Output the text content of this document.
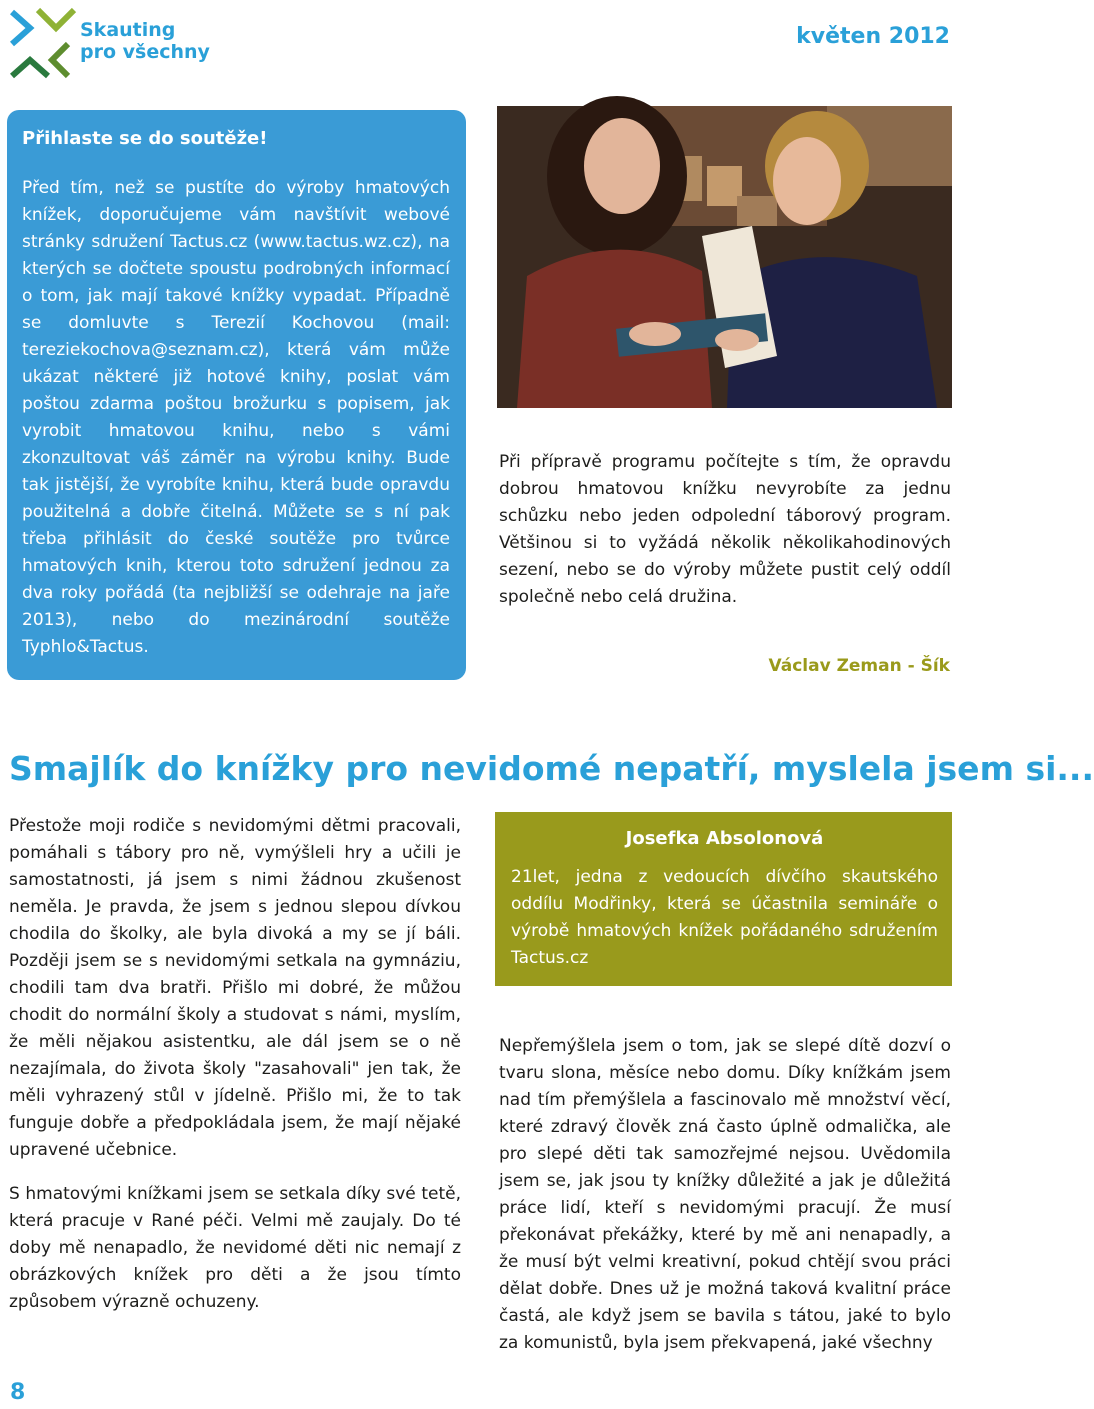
Skauting
pro všechny
květen 2012
Přihlaste se do soutěže!

Před tím, než se pustíte do výroby hmatových knížek, doporučujeme vám navštívit webové stránky sdružení Tactus.cz (www.tactus.wz.cz), na kterých se dočtete spoustu podrobných informací o tom, jak mají takové knížky vypadat. Případně se domluvte s Terezií Kochovou (mail: tereziekochova@seznam.cz), která vám může ukázat některé již hotové knihy, poslat vám poštou zdarma poštou brožurku s popisem, jak vyrobit hmatovou knihu, nebo s vámi zkonzultovat váš záměr na výrobu knihy. Bude tak jistější, že vyrobíte knihu, která bude opravdu použitelná a dobře čitelná. Můžete se s ní pak třeba přihlásit do české soutěže pro tvůrce hmatových knih, kterou toto sdružení jednou za dva roky pořádá (ta nejbližší se odehraje na jaře 2013), nebo do mezinárodní soutěže Typhlo&Tactus.

Při přípravě programu počítejte s tím, že opravdu dobrou hmatovou knížku nevyrobíte za jednu schůzku nebo jeden odpolední táborový program. Většinou si to vyžádá několik několikahodinových sezení, nebo se do výroby můžete pustit celý oddíl společně nebo celá družina.

Václav Zeman - Šík
Smajlík do knížky pro nevidomé nepatří, myslela jsem si...

Přestože moji rodiče s nevidomými dětmi pracovali, pomáhali s tábory pro ně, vymýšleli hry a učili je samostatnosti, já jsem s nimi žádnou zkušenost neměla. Je pravda, že jsem s jednou slepou dívkou chodila do školky, ale byla divoká a my se jí báli. Později jsem se s nevidomými setkala na gymnáziu, chodili tam dva bratři. Přišlo mi dobré, že můžou chodit do normální školy a studovat s námi, myslím, že měli nějakou asistentku, ale dál jsem se o ně nezajímala, do života školy "zasahovali" jen tak, že měli vyhrazený stůl v jídelně. Přišlo mi, že to tak funguje dobře a předpokládala jsem, že mají nějaké upravené učebnice.

S hmatovými knížkami jsem se setkala díky své tetě, která pracuje v Rané péči. Velmi mě zaujaly. Do té doby mě nenapadlo, že nevidomé děti nic nemají z obrázkových knížek pro děti a že jsou tímto způsobem výrazně ochuzeny.

Josefka Absolonová

21let, jedna z vedoucích dívčího skautského oddílu Modřinky, která se účastnila semináře o výrobě hmatových knížek pořádaného sdružením Tactus.cz

Nepřemýšlela jsem o tom, jak se slepé dítě dozví o tvaru slona, měsíce nebo domu. Díky knížkám jsem nad tím přemýšlela a fascinovalo mě množství věcí, které zdravý člověk zná často úplně odmalička, ale pro slepé děti tak samozřejmé nejsou. Uvědomila jsem se, jak jsou ty knížky důležité a jak je důležitá práce lidí, kteří s nevidomými pracují. Že musí překonávat překážky, které by mě ani nenapadly, a že musí být velmi kreativní, pokud chtějí svou práci dělat dobře. Dnes už je možná taková kvalitní práce častá, ale když jsem se bavila s tátou, jaké to bylo za komunistů, byla jsem překvapená, jaké všechny

8
